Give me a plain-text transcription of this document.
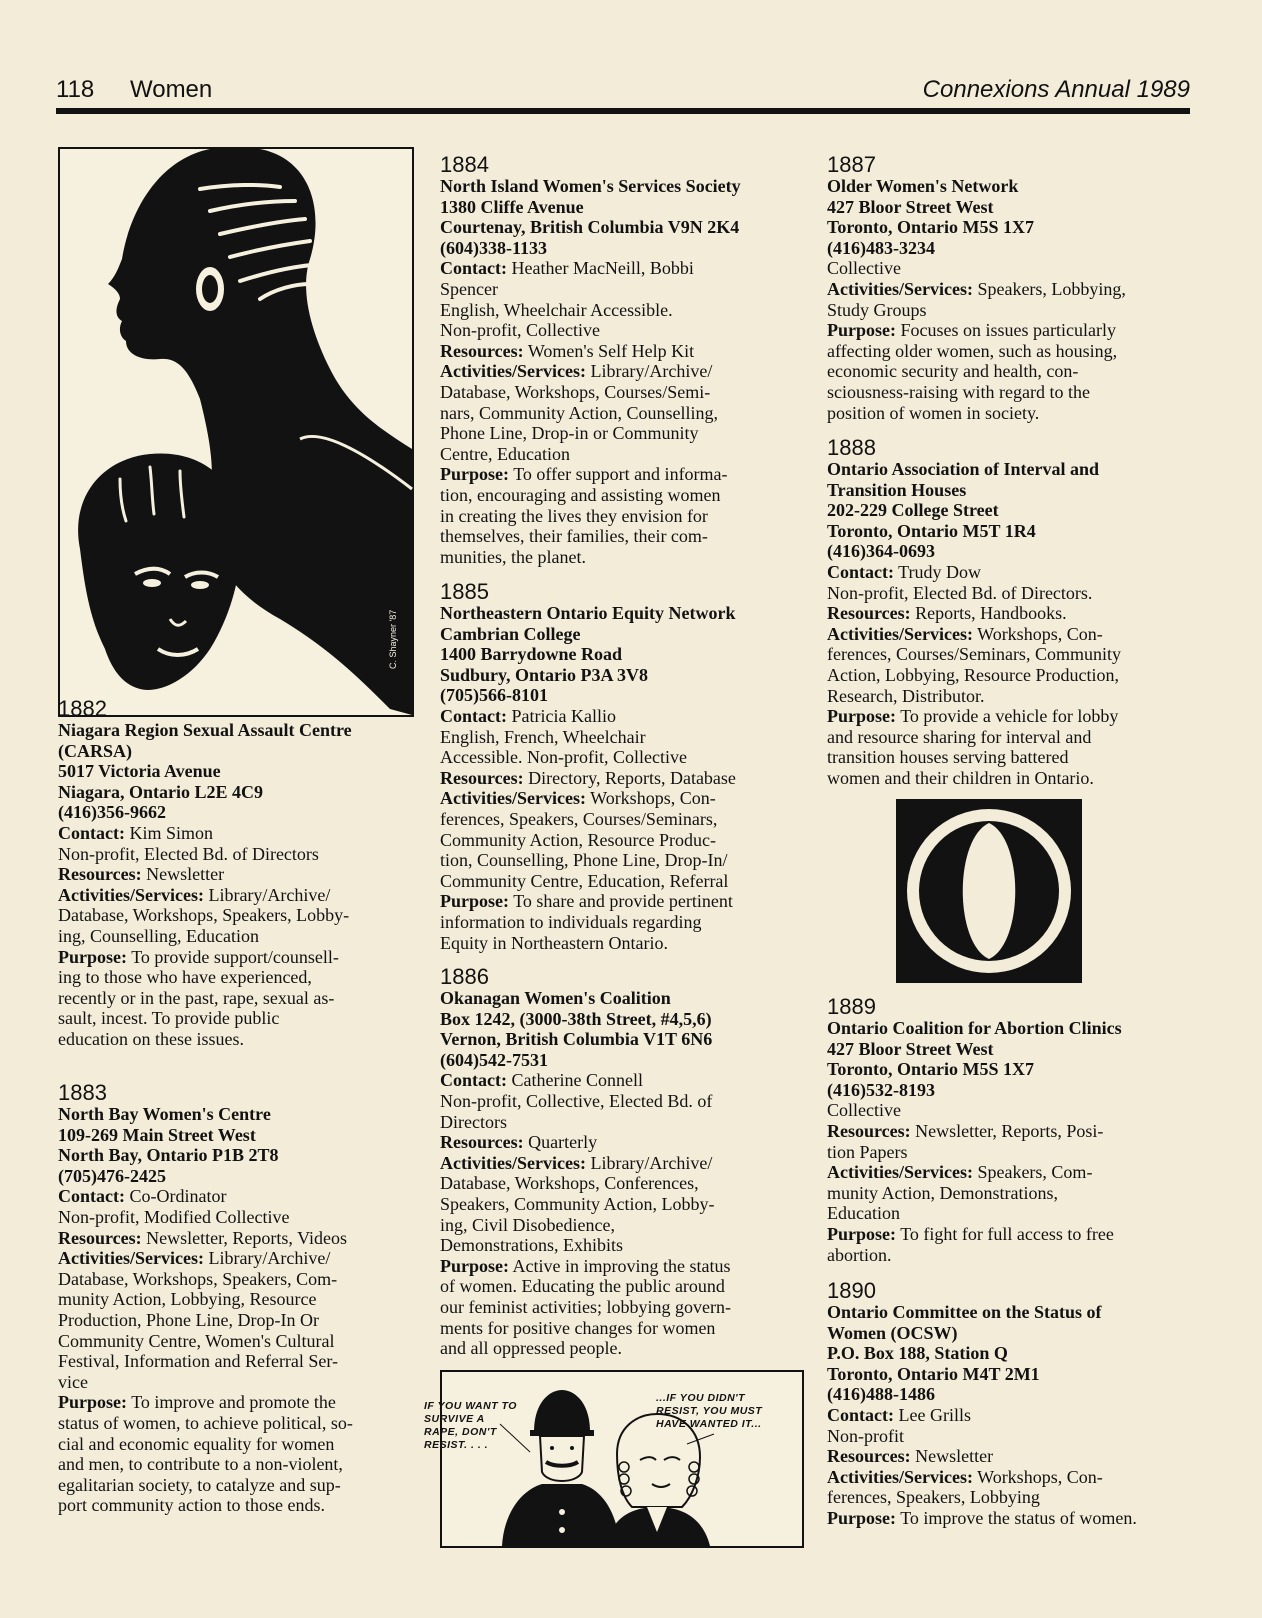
118 Women	Connexions Annual 1989
C. Shayner '87
1882
Niagara Region Sexual Assault Centre
(CARSA)
5017 Victoria Avenue
Niagara, Ontario L2E 4C9
(416)356-9662
Contact: Kim Simon
Non-profit, Elected Bd. of Directors
Resources: Newsletter
Activities/Services: Library/Archive/
Database, Workshops, Speakers, Lobby-
ing, Counselling, Education
Purpose: To provide support/counsell-
ing to those who have experienced,
recently or in the past, rape, sexual as-
sault, incest. To provide public
education on these issues.
1883
North Bay Women's Centre
109-269 Main Street West
North Bay, Ontario P1B 2T8
(705)476-2425
Contact: Co-Ordinator
Non-profit, Modified Collective
Resources: Newsletter, Reports, Videos
Activities/Services: Library/Archive/
Database, Workshops, Speakers, Com-
munity Action, Lobbying, Resource
Production, Phone Line, Drop-In Or
Community Centre, Women's Cultural
Festival, Information and Referral Ser-
vice
Purpose: To improve and promote the
status of women, to achieve political, so-
cial and economic equality for women
and men, to contribute to a non-violent,
egalitarian society, to catalyze and sup-
port community action to those ends.
1884
North Island Women's Services Society
1380 Cliffe Avenue
Courtenay, British Columbia V9N 2K4
(604)338-1133
Contact: Heather MacNeill, Bobbi
Spencer
English, Wheelchair Accessible.
Non-profit, Collective
Resources: Women's Self Help Kit
Activities/Services: Library/Archive/
Database, Workshops, Courses/Semi-
nars, Community Action, Counselling,
Phone Line, Drop-in or Community
Centre, Education
Purpose: To offer support and informa-
tion, encouraging and assisting women
in creating the lives they envision for
themselves, their families, their com-
munities, the planet.
1885
Northeastern Ontario Equity Network
Cambrian College
1400 Barrydowne Road
Sudbury, Ontario P3A 3V8
(705)566-8101
Contact: Patricia Kallio
English, French, Wheelchair
Accessible. Non-profit, Collective
Resources: Directory, Reports, Database
Activities/Services: Workshops, Con-
ferences, Speakers, Courses/Seminars,
Community Action, Resource Produc-
tion, Counselling, Phone Line, Drop-In/
Community Centre, Education, Referral
Purpose: To share and provide pertinent
information to individuals regarding
Equity in Northeastern Ontario.
1886
Okanagan Women's Coalition
Box 1242, (3000-38th Street, #4,5,6)
Vernon, British Columbia V1T 6N6
(604)542-7531
Contact: Catherine Connell
Non-profit, Collective, Elected Bd. of
Directors
Resources: Quarterly
Activities/Services: Library/Archive/
Database, Workshops, Conferences,
Speakers, Community Action, Lobby-
ing, Civil Disobedience,
Demonstrations, Exhibits
Purpose: Active in improving the status
of women. Educating the public around
our feminist activities; lobbying govern-
ments for positive changes for women
and all oppressed people.
IF YOU WANT TO
SURVIVE A
RAPE, DON'T
RESIST. . . .
...IF YOU DIDN'T
RESIST, YOU MUST
HAVE WANTED IT...
1887
Older Women's Network
427 Bloor Street West
Toronto, Ontario M5S 1X7
(416)483-3234
Collective
Activities/Services: Speakers, Lobbying,
Study Groups
Purpose: Focuses on issues particularly
affecting older women, such as housing,
economic security and health, con-
sciousness-raising with regard to the
position of women in society.
1888
Ontario Association of Interval and
Transition Houses
202-229 College Street
Toronto, Ontario M5T 1R4
(416)364-0693
Contact: Trudy Dow
Non-profit, Elected Bd. of Directors.
Resources: Reports, Handbooks.
Activities/Services: Workshops, Con-
ferences, Courses/Seminars, Community
Action, Lobbying, Resource Production,
Research, Distributor.
Purpose: To provide a vehicle for lobby
and resource sharing for interval and
transition houses serving battered
women and their children in Ontario.
1889
Ontario Coalition for Abortion Clinics
427 Bloor Street West
Toronto, Ontario M5S 1X7
(416)532-8193
Collective
Resources: Newsletter, Reports, Posi-
tion Papers
Activities/Services: Speakers, Com-
munity Action, Demonstrations,
Education
Purpose: To fight for full access to free
abortion.
1890
Ontario Committee on the Status of
Women (OCSW)
P.O. Box 188, Station Q
Toronto, Ontario M4T 2M1
(416)488-1486
Contact: Lee Grills
Non-profit
Resources: Newsletter
Activities/Services: Workshops, Con-
ferences, Speakers, Lobbying
Purpose: To improve the status of women.
